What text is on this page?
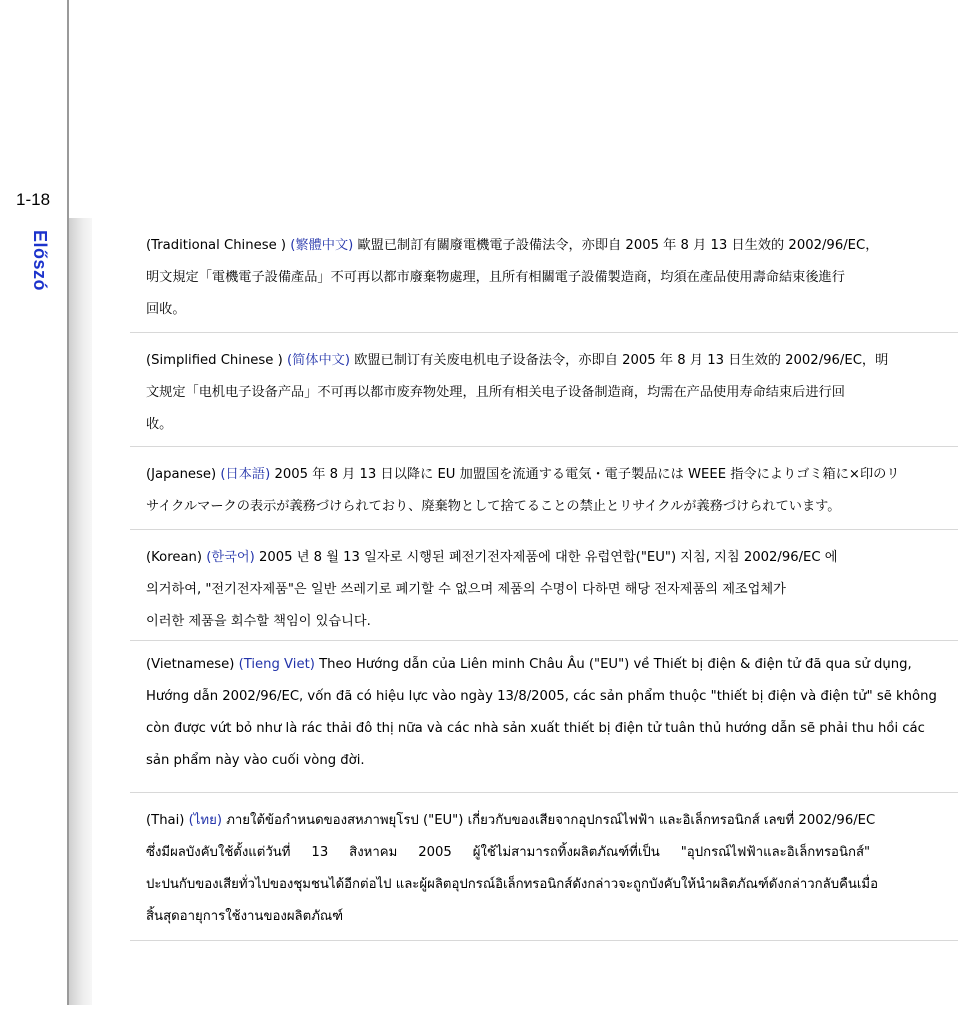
1-18
Előszó	(Traditional Chinese ) (繁體中文) 歐盟已制訂有關廢電機電子設備法令，亦即自 2005 年 8 月 13 日生效的 2002/96/EC，
明文規定「電機電子設備產品」不可再以都市廢棄物處理，且所有相關電子設備製造商，均須在產品使用壽命結束後進行
回收。
(Simplified Chinese ) (简体中文) 欧盟已制订有关废电机电子设备法令，亦即自 2005 年 8 月 13 日生效的 2002/96/EC，明
文规定「电机电子设备产品」不可再以都市废弃物处理，且所有相关电子设备制造商，均需在产品使用寿命结束后进行回
收。
(Japanese) (日本語) 2005 年 8 月 13 日以降に EU 加盟国を流通する電気・電子製品には WEEE 指令によりゴミ箱に×印のリ
サイクルマークの表示が義務づけられており、廃棄物として捨てることの禁止とリサイクルが義務づけられています。
(Korean) (한국어) 2005 년 8 월 13 일자로 시행된 폐전기전자제품에 대한 유럽연합("EU") 지침, 지침 2002/96/EC 에
의거하여, "전기전자제품"은 일반 쓰레기로 폐기할 수 없으며 제품의 수명이 다하면 해당 전자제품의 제조업체가
이러한 제품을 회수할 책임이 있습니다.
(Vietnamese) (Tieng Viet) Theo Hướng dẫn của Liên minh Châu Âu ("EU") về Thiết bị điện & điện tử đã qua sử dụng,
Hướng dẫn 2002/96/EC, vốn đã có hiệu lực vào ngày 13/8/2005, các sản phẩm thuộc "thiết bị điện và điện tử" sẽ không
còn được vứt bỏ như là rác thải đô thị nữa và các nhà sản xuất thiết bị điện tử tuân thủ hướng dẫn sẽ phải thu hồi các
sản phẩm này vào cuối vòng đời.
(Thai) (ไทย) ภายใต้ข้อกำหนดของสหภาพยุโรป ("EU") เกี่ยวกับของเสียจากอุปกรณ์ไฟฟ้า และอิเล็กทรอนิกส์ เลขที่ 2002/96/EC
ซึ่งมีผลบังคับใช้ตั้งแต่วันที่     13     สิงหาคม     2005     ผู้ใช้ไม่สามารถทิ้งผลิตภัณฑ์ที่เป็น     "อุปกรณ์ไฟฟ้าและอิเล็กทรอนิกส์"
ปะปนกับของเสียทั่วไปของชุมชนได้อีกต่อไป และผู้ผลิตอุปกรณ์อิเล็กทรอนิกส์ดังกล่าวจะถูกบังคับให้นำผลิตภัณฑ์ดังกล่าวกลับคืนเมื่อ
สิ้นสุดอายุการใช้งานของผลิตภัณฑ์
